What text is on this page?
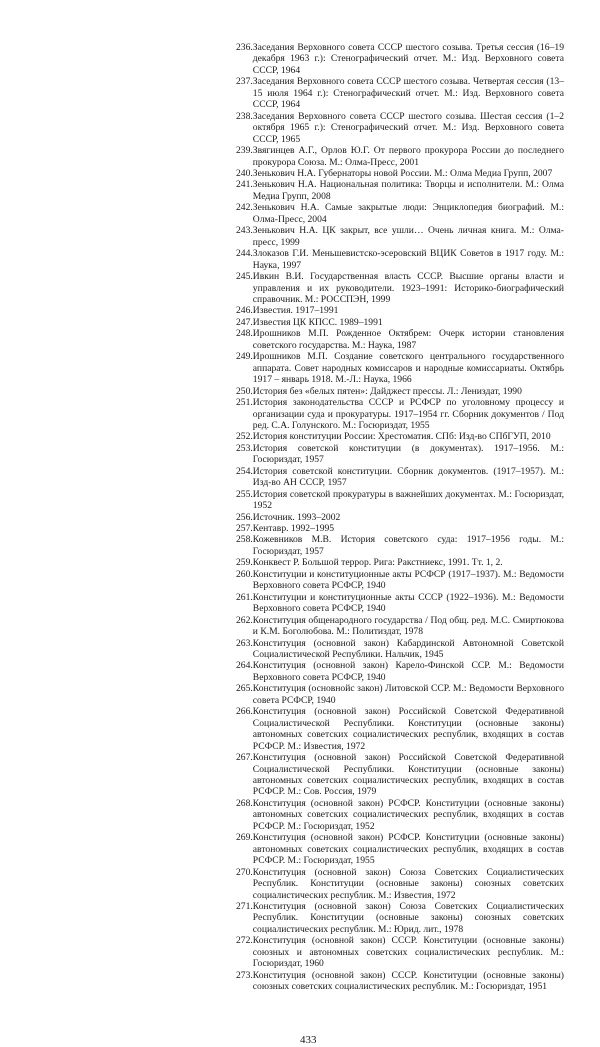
236. Заседания Верховного совета СССР шестого созыва. Третья сессия (16–19 декабря 1963 г.): Стенографический отчет. М.: Изд. Верховного совета СССР, 1964
237. Заседания Верховного совета СССР шестого созыва. Четвертая сессия (13–15 июля 1964 г.): Стенографический отчет. М.: Изд. Верховного совета СССР, 1964
238. Заседания Верховного совета СССР шестого созыва. Шестая сессия (1–2 октября 1965 г.): Стенографический отчет. М.: Изд. Верховного совета СССР, 1965
239. Звягинцев А.Г., Орлов Ю.Г. От первого прокурора России до последнего прокурора Союза. М.: Олма-Пресс, 2001
240. Зенькович Н.А. Губернаторы новой России. М.: Олма Медиа Групп, 2007
241. Зенькович Н.А. Национальная политика: Творцы и исполнители. М.: Олма Медиа Групп, 2008
242. Зенькович Н.А. Самые закрытые люди: Энциклопедия биографий. М.: Олма-Пресс, 2004
243. Зенькович Н.А. ЦК закрыт, все ушли… Очень личная книга. М.: Олма-пресс, 1999
244. Злоказов Г.И. Меньшевистско-эсеровский ВЦИК Советов в 1917 году. М.: Наука, 1997
245. Ивкин В.И. Государственная власть СССР. Высшие органы власти и управления и их руководители. 1923–1991: Историко-биографический справочник. М.: РОССПЭН, 1999
246. Известия. 1917–1991
247. Известия ЦК КПСС. 1989–1991
248. Ирошников М.П. Рожденное Октябрем: Очерк истории становления советского государства. М.: Наука, 1987
249. Ирошников М.П. Создание советского центрального государственного аппарата. Совет народных комиссаров и народные комиссариаты. Октябрь 1917 – январь 1918. М.-Л.: Наука, 1966
250. История без «белых пятен»: Дайджест прессы. Л.: Лениздат, 1990
251. История законодательства СССР и РСФСР по уголовному процессу и организации суда и прокуратуры. 1917–1954 гг. Сборник документов / Под ред. С.А. Голунского. М.: Госюриздат, 1955
252. История конституции России: Хрестоматия. СПб: Изд-во СПбГУП, 2010
253. История советской конституции (в документах). 1917–1956. М.: Госюриздат, 1957
254. История советской конституции. Сборник документов. (1917–1957). М.: Изд-во АН СССР, 1957
255. История советской прокуратуры в важнейших документах. М.: Госюриздат, 1952
256. Источник. 1993–2002
257. Кентавр. 1992–1995
258. Кожевников М.В. История советского суда: 1917–1956 годы. М.: Госюриздат, 1957
259. Конквест Р. Большой террор. Рига: Ракстниекс, 1991. Тт. 1, 2.
260. Конституции и конституционные акты РСФСР (1917–1937). М.: Ведомости Верховного совета РСФСР, 1940
261. Конституции и конституционные акты СССР (1922–1936). М.: Ведомости Верховного совета РСФСР, 1940
262. Конституция общенародного государства / Под общ. ред. М.С. Смиртюкова и К.М. Боголюбова. М.: Политиздат, 1978
263. Конституция (основной закон) Кабардинской Автономной Советской Социалистической Республики. Нальчик, 1945
264. Конституция (основной закон) Карело-Финской ССР. М.: Ведомости Верховного совета РСФСР, 1940
265. Конституция (основнойс закон) Литовской ССР. М.: Ведомости Верховного совета РСФСР, 1940
266. Конституция (основной закон) Российской Советской Федеративной Социалистической Республики. Конституции (основные законы) автономных советских социалистических республик, входящих в состав РСФСР. М.: Известия, 1972
267. Конституция (основной закон) Российской Советской Федеративной Социалистической Республики. Конституции (основные законы) автономных советских социалистических республик, входящих в состав РСФСР. М.: Сов. Россия, 1979
268. Конституция (основной закон) РСФСР. Конституции (основные законы) автономных советских социалистических республик, входящих в состав РСФСР. М.: Госюриздат, 1952
269. Конституция (основной закон) РСФСР. Конституции (основные законы) автономных советских социалистических республик, входящих в состав РСФСР. М.: Госюриздат, 1955
270. Конституция (основной закон) Союза Советских Социалистических Республик. Конституции (основные законы) союзных советских социалистических республик. М.: Известия, 1972
271. Конституция (основной закон) Союза Советских Социалистических Республик. Конституции (основные законы) союзных советских социалистических республик. М.: Юрид. лит., 1978
272. Конституция (основной закон) СССР. Конституции (основные законы) союзных и автономных советских социалистических республик. М.: Госюриздат, 1960
273. Конституция (основной закон) СССР. Конституции (основные законы) союзных советских социалистических республик. М.: Госюриздат, 1951
433
